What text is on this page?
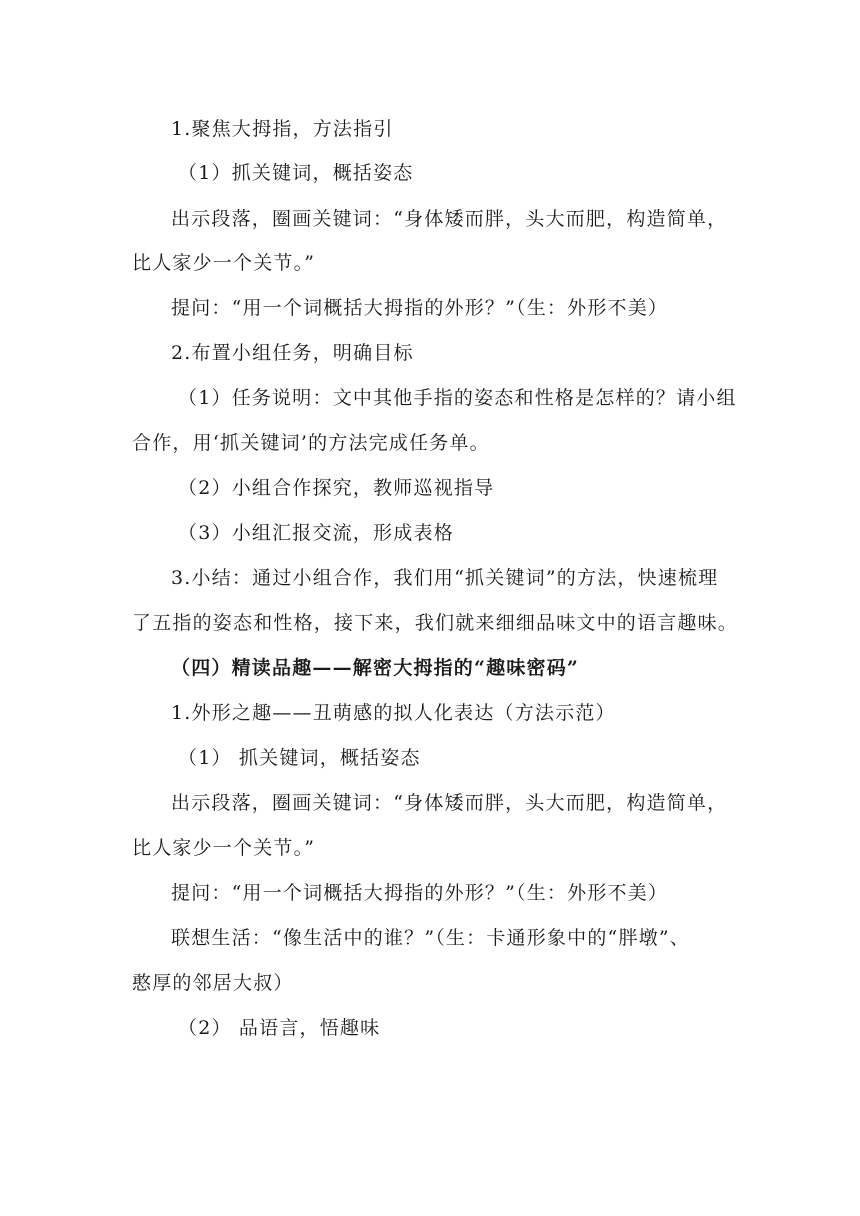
1.聚焦大拇指，方法指引
（1）抓关键词，概括姿态
出示段落，圈画关键词：“身体矮而胖，头大而肥，构造简单，
比人家少一个关节。”
提问：“用一个词概括大拇指的外形？”（生：外形不美）
2.布置小组任务，明确目标
（1）任务说明：文中其他手指的姿态和性格是怎样的？请小组
合作，用‘抓关键词’的方法完成任务单。
（2）小组合作探究，教师巡视指导
（3）小组汇报交流，形成表格
3.小结：通过小组合作，我们用“抓关键词”的方法，快速梳理
了五指的姿态和性格，接下来，我们就来细细品味文中的语言趣味。
（四）精读品趣——解密大拇指的“趣味密码”
1.外形之趣——丑萌感的拟人化表达（方法示范）
（1） 抓关键词，概括姿态
出示段落，圈画关键词：“身体矮而胖，头大而肥，构造简单，
比人家少一个关节。”
提问：“用一个词概括大拇指的外形？”（生：外形不美）
联想生活：“像生活中的谁？”（生：卡通形象中的“胖墩”、
憨厚的邻居大叔）
（2） 品语言，悟趣味
